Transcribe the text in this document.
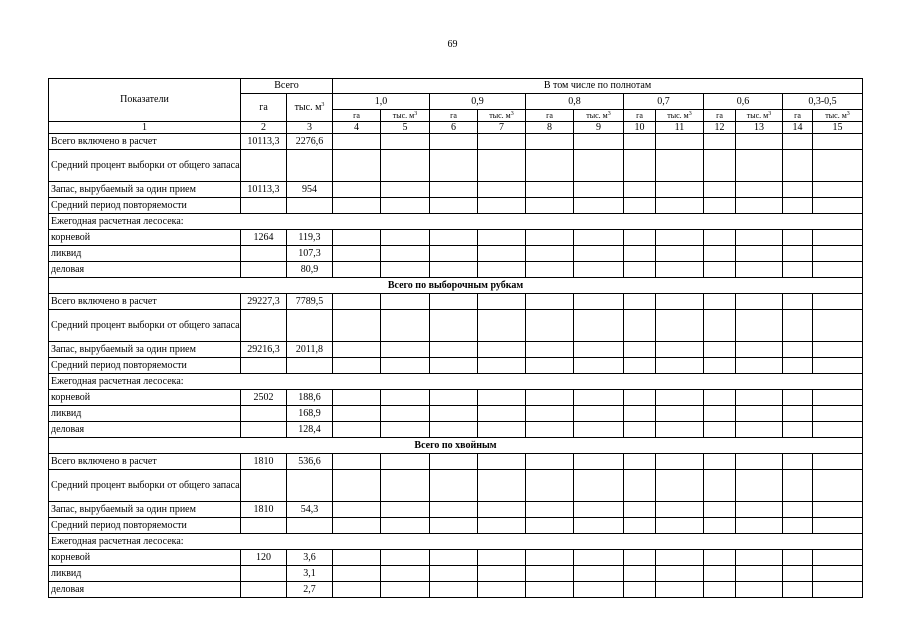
69
Показатели	Всего		В том числе по полнотам											
	га	тыс. $м^3$	1,0		0,9		0,8		0,7		0,6		0,3-0,5	
			га	тыс. $м^3$	га	тыс. $м^3$	га	тыс. $м^3$	га	тыс. $м^3$	га	тыс. $м^3$	га	тыс. $м^3$
1	2	3	4	5	6	7	8	9	10	11	12	13	14	15
Всего включено в расчет	10113,3	2276,6												
Средний процент выборки от общего запаса														
Запас, вырубаемый за один прием	10113,3	954												
Средний период повторяемости														
Ежегодная расчетная лесосека:														
корневой	1264	119,3												
ликвид		107,3												
деловая		80,9												
Всего по выборочным рубкам														
Всего включено в расчет	29227,3	7789,5												
Средний процент выборки от общего запаса														
Запас, вырубаемый за один прием	29216,3	2011,8												
Средний период повторяемости														
Ежегодная расчетная лесосека:														
корневой	2502	188,6												
ликвид		168,9												
деловая		128,4												
Всего по хвойным														
Всего включено в расчет	1810	536,6												
Средний процент выборки от общего запаса														
Запас, вырубаемый за один прием	1810	54,3												
Средний период повторяемости														
Ежегодная расчетная лесосека:														
корневой	120	3,6												
ликвид		3,1												
деловая		2,7												
